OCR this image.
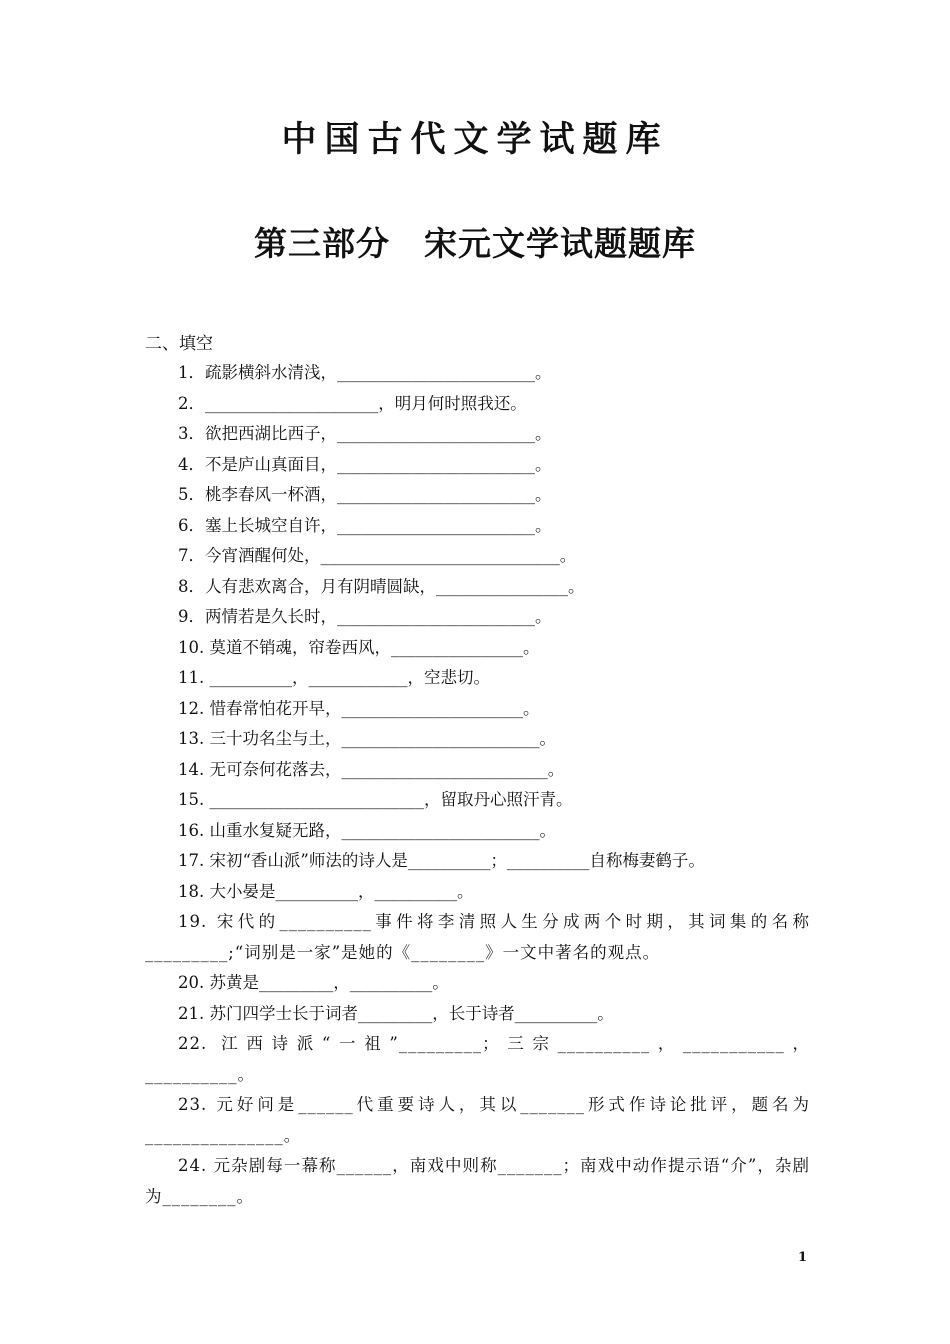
中国古代文学试题库
第三部分　宋元文学试题题库
二、填空
1．疏影横斜水清浅，________________________。
2．_____________________，明月何时照我还。
3．欲把西湖比西子，________________________。
4．不是庐山真面目，________________________。
5．桃李春风一杯酒，________________________。
6．塞上长城空自许，________________________。
7．今宵酒醒何处，_____________________________。
8．人有悲欢离合，月有阴晴圆缺，________________。
9．两情若是久长时，________________________。
10. 莫道不销魂，帘卷西风，________________。
11. __________，____________，空悲切。
12. 惜春常怕花开早，______________________。
13. 三十功名尘与土，________________________。
14. 无可奈何花落去，_________________________。
15. __________________________，留取丹心照汗青。
16. 山重水复疑无路，________________________。
17. 宋初“香山派”师法的诗人是__________；__________自称梅妻鹤子。
18. 大小晏是__________，__________。
19. 宋代的__________事件将李清照人生分成两个时期，其词集的名称_________;“词别是一家”是她的《________》一文中著名的观点。
20. 苏黄是_________，__________。
21. 苏门四学士长于词者_________，长于诗者__________。
22. 江西诗派“一祖”_________；三宗__________，___________，__________。
23. 元好问是______代重要诗人，其以_______形式作诗论批评，题名为_______________。
24. 元杂剧每一幕称______，南戏中则称_______；南戏中动作提示语“介”，杂剧为________。
1
